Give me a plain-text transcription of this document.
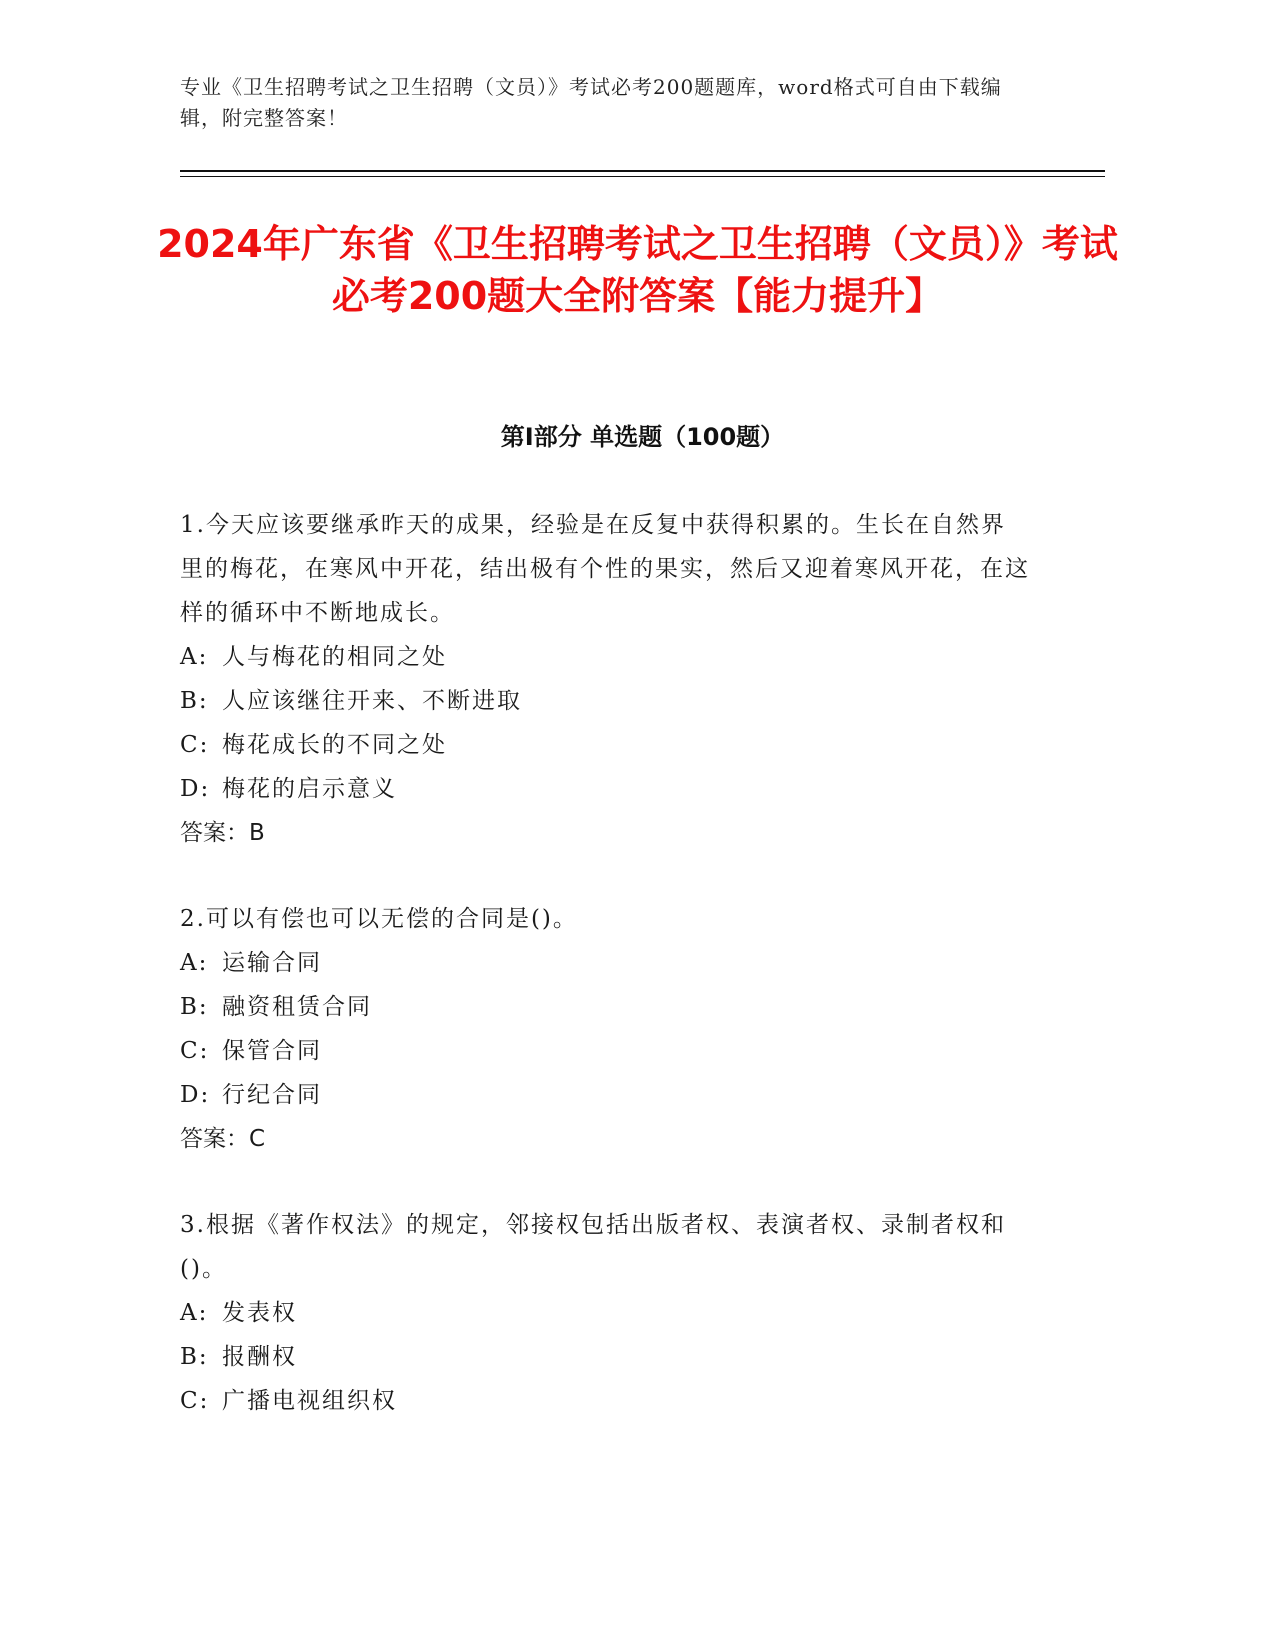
专业《卫生招聘考试之卫生招聘（文员）》考试必考200题题库，word格式可自由下载编辑，附完整答案！
2024年广东省《卫生招聘考试之卫生招聘（文员）》考试必考200题大全附答案【能力提升】
第Ⅰ部分 单选题（100题）

1.今天应该要继承昨天的成果，经验是在反复中获得积累的。生长在自然界里的梅花，在寒风中开花，结出极有个性的果实，然后又迎着寒风开花，在这样的循环中不断地成长。

A: 人与梅花的相同之处

B: 人应该继往开来、不断进取

C: 梅花成长的不同之处

D: 梅花的启示意义

答案：B

2.可以有偿也可以无偿的合同是()。

A: 运输合同

B: 融资租赁合同

C: 保管合同

D: 行纪合同

答案：C

3.根据《著作权法》的规定，邻接权包括出版者权、表演者权、录制者权和()。

A: 发表权

B: 报酬权

C: 广播电视组织权
